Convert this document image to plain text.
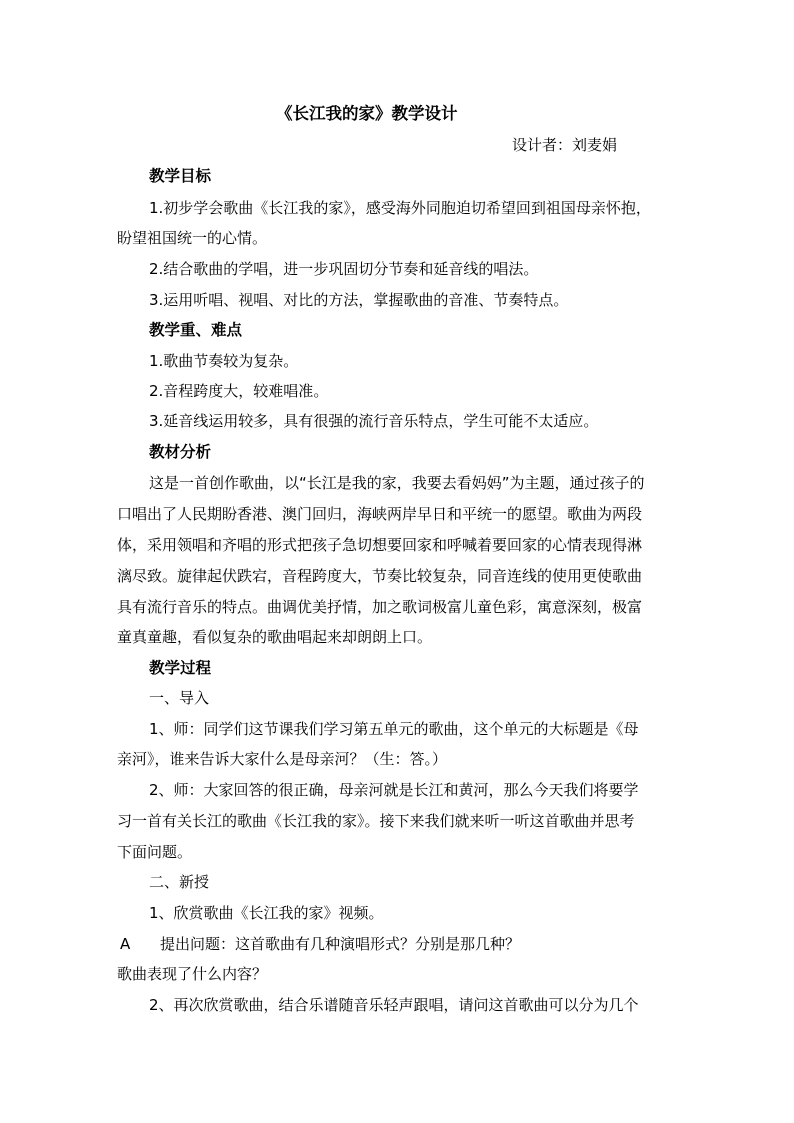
《长江我的家》教学设计
设计者：刘麦娟
教学目标
1.初步学会歌曲《长江我的家》，感受海外同胞迫切希望回到祖国母亲怀抱，
盼望祖国统一的心情。
2.结合歌曲的学唱，进一步巩固切分节奏和延音线的唱法。
3.运用听唱、视唱、对比的方法，掌握歌曲的音准、节奏特点。
教学重、难点
1.歌曲节奏较为复杂。
2.音程跨度大，较难唱准。
3.延音线运用较多，具有很强的流行音乐特点，学生可能不太适应。
教材分析
这是一首创作歌曲，以“长江是我的家，我要去看妈妈”为主题，通过孩子的
口唱出了人民期盼香港、澳门回归，海峡两岸早日和平统一的愿望。歌曲为两段
体，采用领唱和齐唱的形式把孩子急切想要回家和呼喊着要回家的心情表现得淋
漓尽致。旋律起伏跌宕，音程跨度大，节奏比较复杂，同音连线的使用更使歌曲
具有流行音乐的特点。曲调优美抒情，加之歌词极富儿童色彩，寓意深刻，极富
童真童趣，看似复杂的歌曲唱起来却朗朗上口。
教学过程
一、导入
1、师：同学们这节课我们学习第五单元的歌曲，这个单元的大标题是《母
亲河》，谁来告诉大家什么是母亲河？（生：答。）
2、师：大家回答的很正确，母亲河就是长江和黄河，那么今天我们将要学
习一首有关长江的歌曲《长江我的家》。接下来我们就来听一听这首歌曲并思考
下面问题。
二、新授
1、欣赏歌曲《长江我的家》视频。
A 提出问题：这首歌曲有几种演唱形式？分别是那几种？
歌曲表现了什么内容？
2、再次欣赏歌曲，结合乐谱随音乐轻声跟唱，请问这首歌曲可以分为几个
